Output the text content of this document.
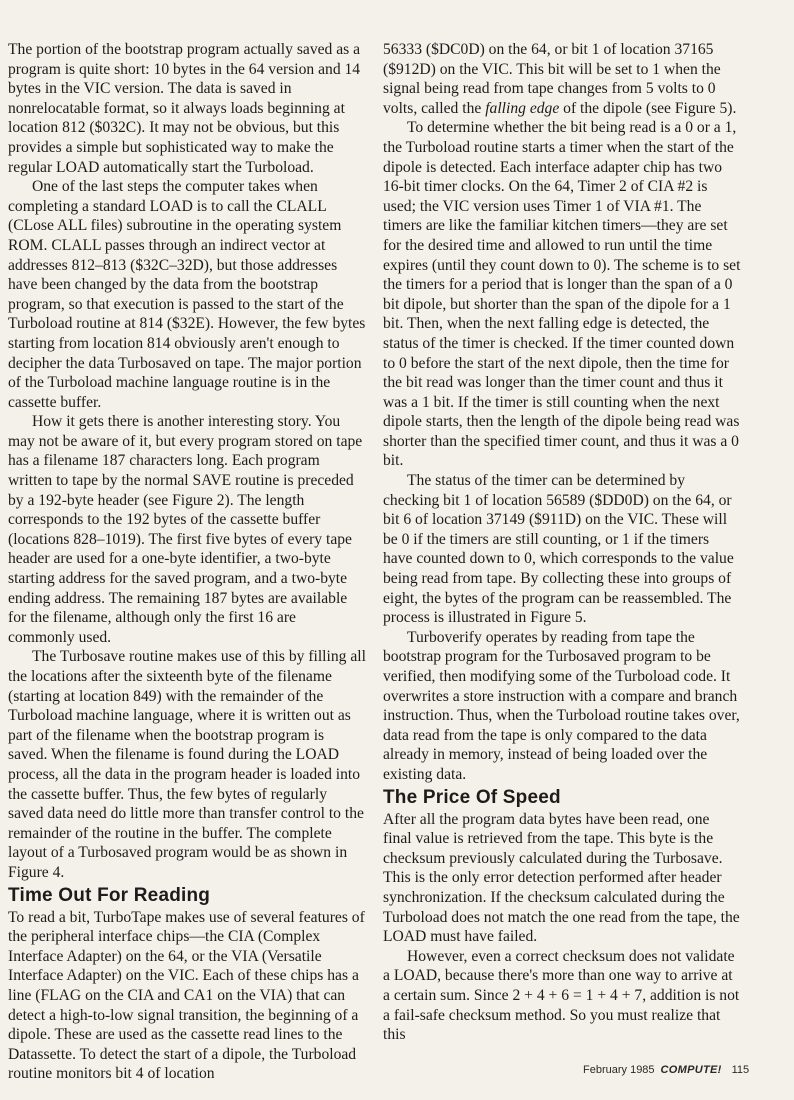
The portion of the bootstrap program actually saved as a program is quite short: 10 bytes in the 64 version and 14 bytes in the VIC version. The data is saved in nonrelocatable format, so it always loads beginning at location 812 ($032C). It may not be obvious, but this provides a simple but sophisticated way to make the regular LOAD automatically start the Turboload.

One of the last steps the computer takes when completing a standard LOAD is to call the CLALL (CLose ALL files) subroutine in the operating system ROM. CLALL passes through an indirect vector at addresses 812–813 ($32C–32D), but those addresses have been changed by the data from the bootstrap program, so that execution is passed to the start of the Turboload routine at 814 ($32E). However, the few bytes starting from location 814 obviously aren't enough to decipher the data Turbosaved on tape. The major portion of the Turboload machine language routine is in the cassette buffer.

How it gets there is another interesting story. You may not be aware of it, but every program stored on tape has a filename 187 characters long. Each program written to tape by the normal SAVE routine is preceded by a 192-byte header (see Figure 2). The length corresponds to the 192 bytes of the cassette buffer (locations 828–1019). The first five bytes of every tape header are used for a one-byte identifier, a two-byte starting address for the saved program, and a two-byte ending address. The remaining 187 bytes are available for the filename, although only the first 16 are commonly used.

The Turbosave routine makes use of this by filling all the locations after the sixteenth byte of the filename (starting at location 849) with the remainder of the Turboload machine language, where it is written out as part of the filename when the bootstrap program is saved. When the filename is found during the LOAD process, all the data in the program header is loaded into the cassette buffer. Thus, the few bytes of regularly saved data need do little more than transfer control to the remainder of the routine in the buffer. The complete layout of a Turbosaved program would be as shown in Figure 4.

Time Out For Reading

To read a bit, TurboTape makes use of several features of the peripheral interface chips—the CIA (Complex Interface Adapter) on the 64, or the VIA (Versatile Interface Adapter) on the VIC. Each of these chips has a line (FLAG on the CIA and CA1 on the VIA) that can detect a high-to-low signal transition, the beginning of a dipole. These are used as the cassette read lines to the Datassette. To detect the start of a dipole, the Turboload routine monitors bit 4 of location

56333 ($DC0D) on the 64, or bit 1 of location 37165 ($912D) on the VIC. This bit will be set to 1 when the signal being read from tape changes from 5 volts to 0 volts, called the falling edge of the dipole (see Figure 5).

To determine whether the bit being read is a 0 or a 1, the Turboload routine starts a timer when the start of the dipole is detected. Each interface adapter chip has two 16-bit timer clocks. On the 64, Timer 2 of CIA #2 is used; the VIC version uses Timer 1 of VIA #1. The timers are like the familiar kitchen timers—they are set for the desired time and allowed to run until the time expires (until they count down to 0). The scheme is to set the timers for a period that is longer than the span of a 0 bit dipole, but shorter than the span of the dipole for a 1 bit. Then, when the next falling edge is detected, the status of the timer is checked. If the timer counted down to 0 before the start of the next dipole, then the time for the bit read was longer than the timer count and thus it was a 1 bit. If the timer is still counting when the next dipole starts, then the length of the dipole being read was shorter than the specified timer count, and thus it was a 0 bit.

The status of the timer can be determined by checking bit 1 of location 56589 ($DD0D) on the 64, or bit 6 of location 37149 ($911D) on the VIC. These will be 0 if the timers are still counting, or 1 if the timers have counted down to 0, which corresponds to the value being read from tape. By collecting these into groups of eight, the bytes of the program can be reassembled. The process is illustrated in Figure 5.

Turboverify operates by reading from tape the bootstrap program for the Turbosaved program to be verified, then modifying some of the Turboload code. It overwrites a store instruction with a compare and branch instruction. Thus, when the Turboload routine takes over, data read from the tape is only compared to the data already in memory, instead of being loaded over the existing data.

The Price Of Speed

After all the program data bytes have been read, one final value is retrieved from the tape. This byte is the checksum previously calculated during the Turbosave. This is the only error detection performed after header synchronization. If the checksum calculated during the Turboload does not match the one read from the tape, the LOAD must have failed.

However, even a correct checksum does not validate a LOAD, because there's more than one way to arrive at a certain sum. Since 2 + 4 + 6 = 1 + 4 + 7, addition is not a fail-safe checksum method. So you must realize that this

February 1985 COMPUTE! 115
